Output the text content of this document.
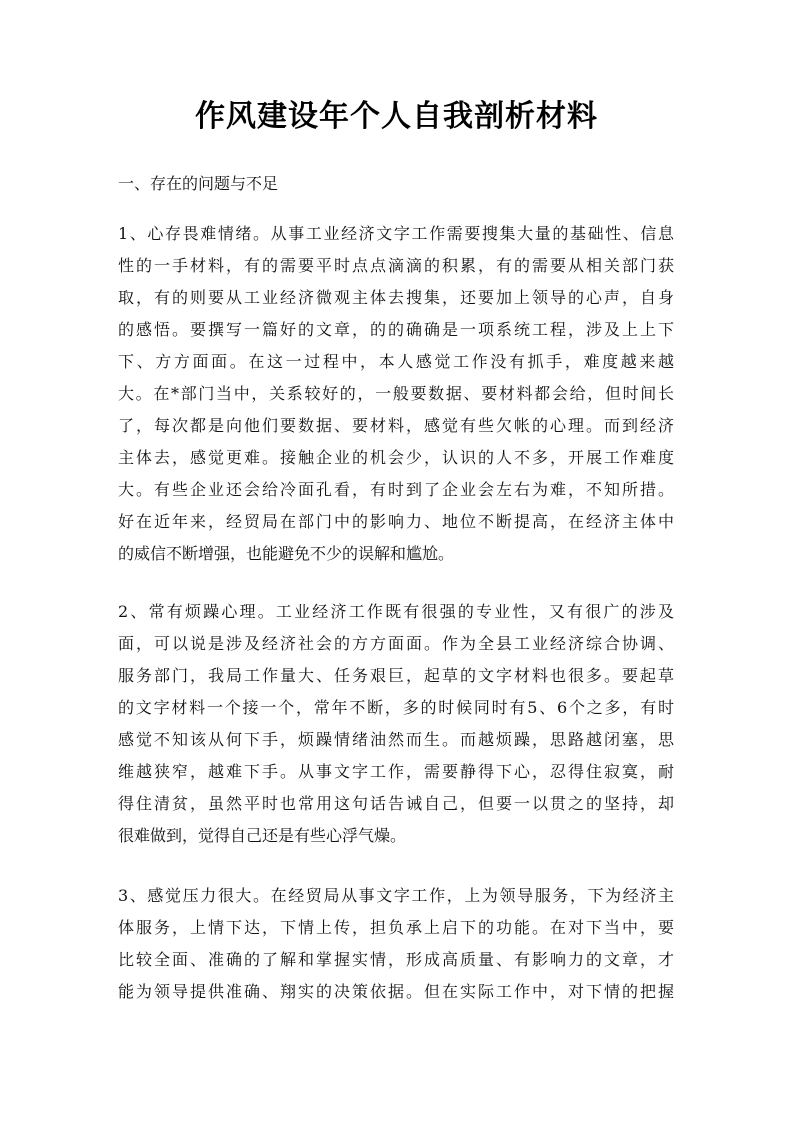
作风建设年个人自我剖析材料

一、存在的问题与不足

1、心存畏难情绪。从事工业经济文字工作需要搜集大量的基础性、信息
性的一手材料，有的需要平时点点滴滴的积累，有的需要从相关部门获
取，有的则要从工业经济微观主体去搜集，还要加上领导的心声，自身
的感悟。要撰写一篇好的文章，的的确确是一项系统工程，涉及上上下
下、方方面面。在这一过程中，本人感觉工作没有抓手，难度越来越
大。在*部门当中，关系较好的，一般要数据、要材料都会给，但时间长
了，每次都是向他们要数据、要材料，感觉有些欠帐的心理。而到经济
主体去，感觉更难。接触企业的机会少，认识的人不多，开展工作难度
大。有些企业还会给冷面孔看，有时到了企业会左右为难，不知所措。
好在近年来，经贸局在部门中的影响力、地位不断提高，在经济主体中
的威信不断增强，也能避免不少的误解和尴尬。
2、常有烦躁心理。工业经济工作既有很强的专业性，又有很广的涉及
面，可以说是涉及经济社会的方方面面。作为全县工业经济综合协调、
服务部门，我局工作量大、任务艰巨，起草的文字材料也很多。要起草
的文字材料一个接一个，常年不断，多的时候同时有5、6个之多，有时
感觉不知该从何下手，烦躁情绪油然而生。而越烦躁，思路越闭塞，思
维越狭窄，越难下手。从事文字工作，需要静得下心，忍得住寂寞，耐
得住清贫，虽然平时也常用这句话告诫自己，但要一以贯之的坚持，却
很难做到，觉得自己还是有些心浮气燥。
3、感觉压力很大。在经贸局从事文字工作，上为领导服务，下为经济主
体服务，上情下达，下情上传，担负承上启下的功能。在对下当中，要
比较全面、准确的了解和掌握实情，形成高质量、有影响力的文章，才
能为领导提供准确、翔实的决策依据。但在实际工作中，对下情的把握
